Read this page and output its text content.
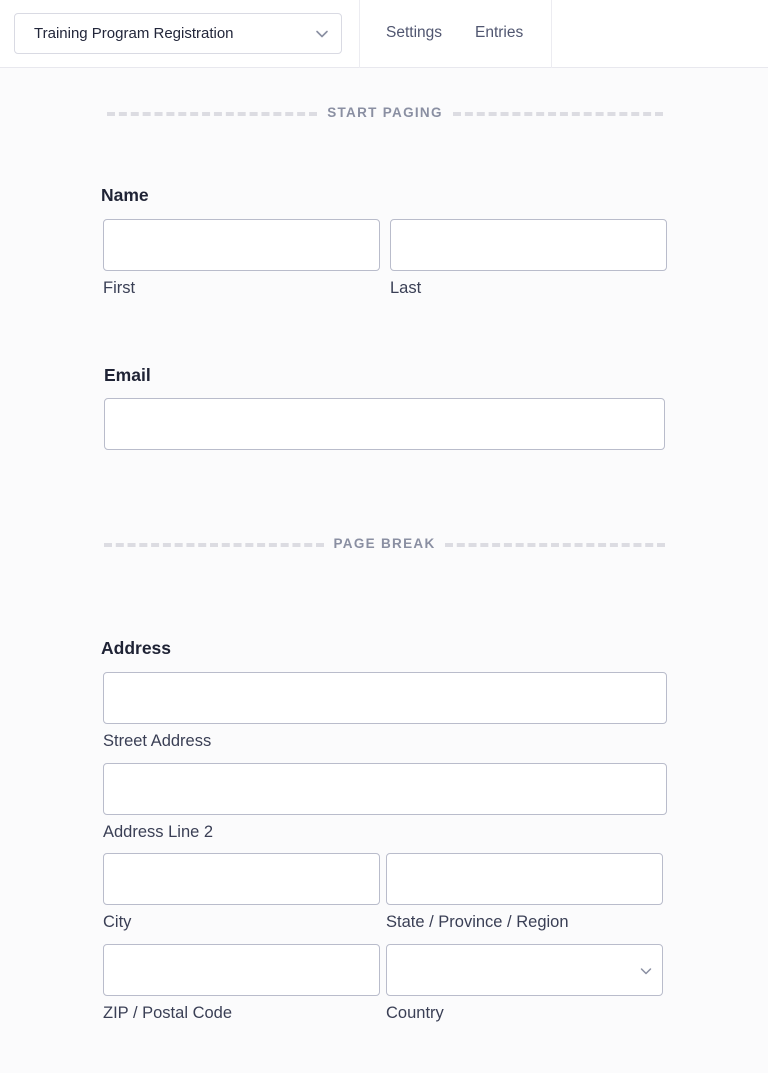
Training Program Registration	Settings Entries
START PAGING
Name
First	Last
Email
PAGE BREAK
Address
Street Address
Address Line 2
City	State / Province / Region
ZIP / Postal Code	Country
